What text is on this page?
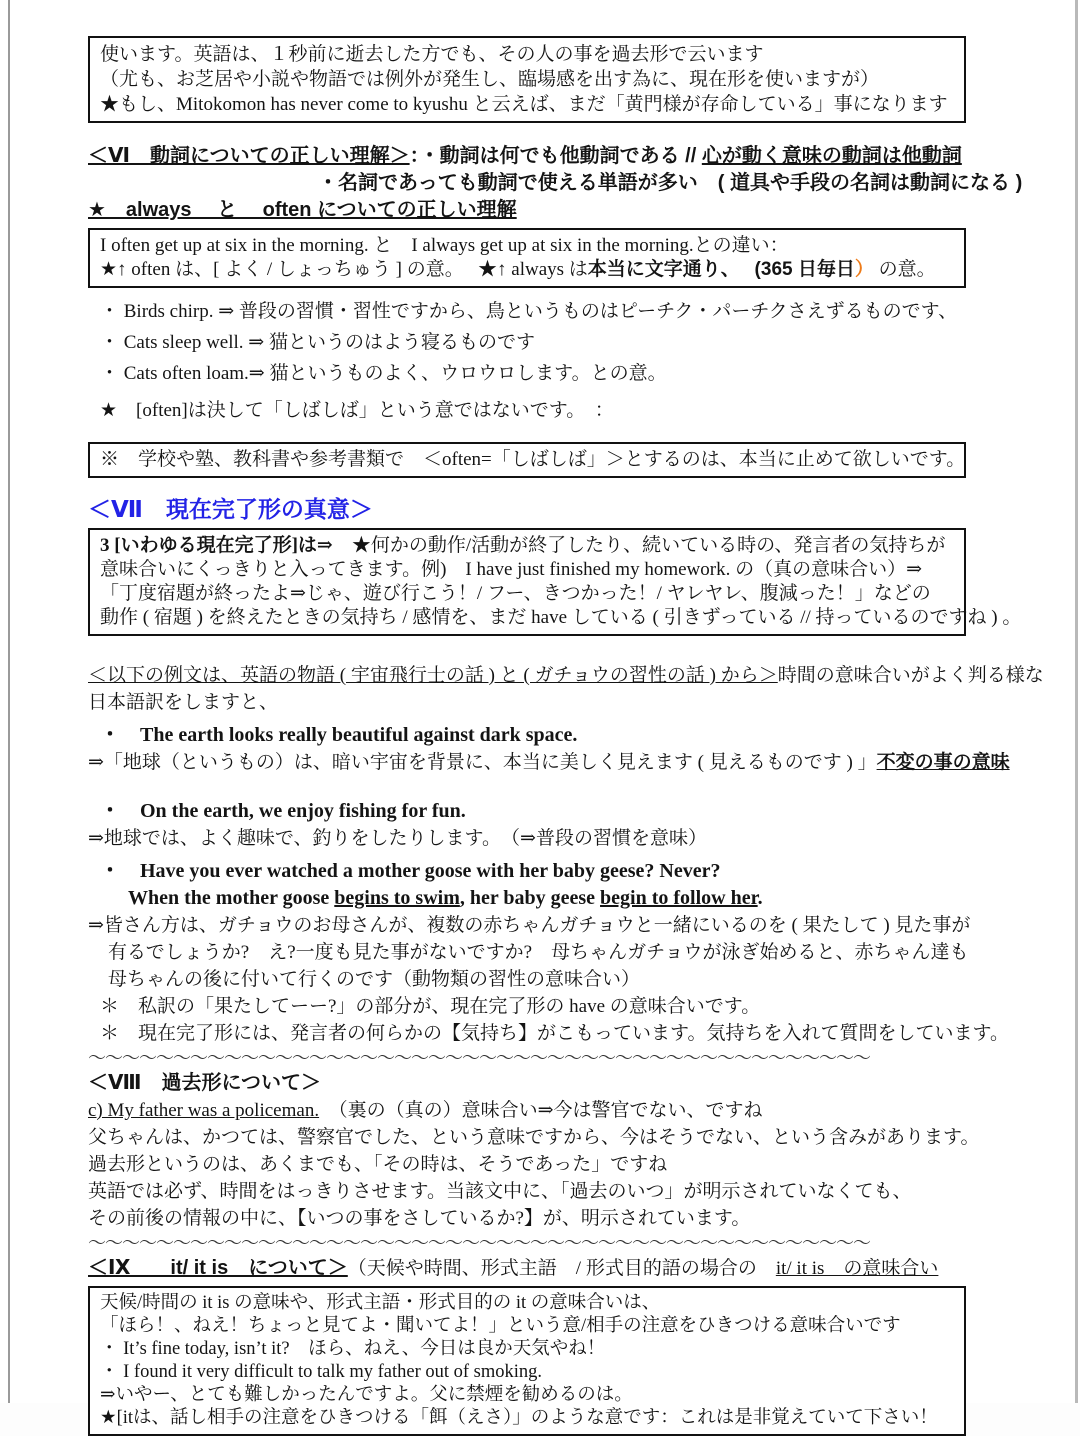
使います。英語は、１秒前に逝去した方でも、その人の事を過去形で云います

（尤も、お芝居や小説や物語では例外が発生し、臨場感を出す為に、現在形を使いますが）

★もし、Mitokomon has never come to kyushu と云えば、まだ「黄門様が存命している」事になります

＜Ⅵ　動詞についての正しい理解＞：・動詞は何でも他動詞である // 心が動く意味の動詞は他動詞

・名詞であっても動詞で使える単語が多い　( 道具や手段の名詞は動詞になる )

★　always　 と　 often についての正しい理解

I often get up at six in the morning. と　I always get up at six in the morning.との違い：

★↑ often は、[ よく / しょっちゅう ] の意。　 ★↑ always は本当に文字通り、　 (365 日毎日） の意。

・ Birds chirp. ⇒ 普段の習慣・習性ですから、鳥というものはピーチク・パーチクさえずるものです、

・ Cats sleep well. ⇒ 猫というのはよう寝るものです

・ Cats often loam.⇒ 猫というものよく、ウロウロします。との意。

★　[often]は決して「しばしば」という意ではないです。　：

※　学校や塾、教科書や参考書類で　＜often=「しばしば」＞とするのは、本当に止めて欲しいです。

＜Ⅶ　現在完了形の真意＞

3 [いわゆる現在完了形]は⇒　★何かの動作/活動が終了したり、続いている時の、発言者の気持ちが

意味合いにくっきりと入ってきます。例)　I have just finished my homework. の（真の意味合い）⇒

「丁度宿題が終ったよ⇒じゃ、遊び行こう！/ フー、きつかった！/ ヤレヤレ、腹減った！」などの

動作 ( 宿題 ) を終えたときの気持ち / 感情を、まだ have している ( 引きずっている // 持っているのですね ) 。

＜以下の例文は、英語の物語 ( 宇宙飛行士の話 ) と ( ガチョウの習性の話 ) から＞時間の意味合いがよく判る様な

日本語訳をしますと、

・　The earth looks really beautiful against dark space.

⇒「地球（というもの）は、暗い宇宙を背景に、本当に美しく見えます ( 見えるものです ) 」不変の事の意味

・　On the earth, we enjoy fishing for fun.

⇒地球では、よく趣味で、釣りをしたりします。　（⇒普段の習慣を意味）

・　Have you ever watched a mother goose with her baby geese? Never?

When the mother goose begins to swim, her baby geese begin to follow her.

⇒皆さん方は、ガチョウのお母さんが、複数の赤ちゃんガチョウと一緒にいるのを ( 果たして ) 見た事が

有るでしょうか?　え?一度も見た事がないですか?　母ちゃんガチョウが泳ぎ始めると、赤ちゃん達も

母ちゃんの後に付いて行くのです（動物類の習性の意味合い）

＊　私訳の「果たしてーー?」の部分が、現在完了形の have の意味合いです。

＊　現在完了形には、発言者の何らかの【気持ち】がこもっています。気持ちを入れて質問をしています。

～～～～～～～～～～～～～～～～～～～～～～～～～～～～～～～～～～～～～～～～～～～～～～

＜Ⅷ　過去形について＞

c) My father was a policeman.　（裏の（真の）意味合い⇒今は警官でない、ですね

父ちゃんは、かつては、警察官でした、という意味ですから、今はそうでない、という含みがあります。

過去形というのは、あくまでも、「その時は、そうであった」ですね

英語では必ず、時間をはっきりさせます。当該文中に、「過去のいつ」が明示されていなくても、

その前後の情報の中に、【いつの事をさしているか?】が、明示されています。

～～～～～～～～～～～～～～～～～～～～～～～～～～～～～～～～～～～～～～～～～～～～～～

＜Ⅸ　　it/ it is　について＞（天候や時間、形式主語　/ 形式目的語の場合の　it/ it is　の意味合い

天候/時間の it is の意味や、形式主語・形式目的の it の意味合いは、

「ほら！、ねえ！ちょっと見てよ・聞いてよ！」という意/相手の注意をひきつける意味合いです

・ It’s fine today, isn’t it?　ほら、ねえ、今日は良か天気やね！

・ I found it very difficult to talk my father out of smoking.

⇒いやー、とても難しかったんですよ。父に禁煙を勧めるのは。

★[itは、話し相手の注意をひきつける「餌（えさ）」のような意です：これは是非覚えていて下さい！
